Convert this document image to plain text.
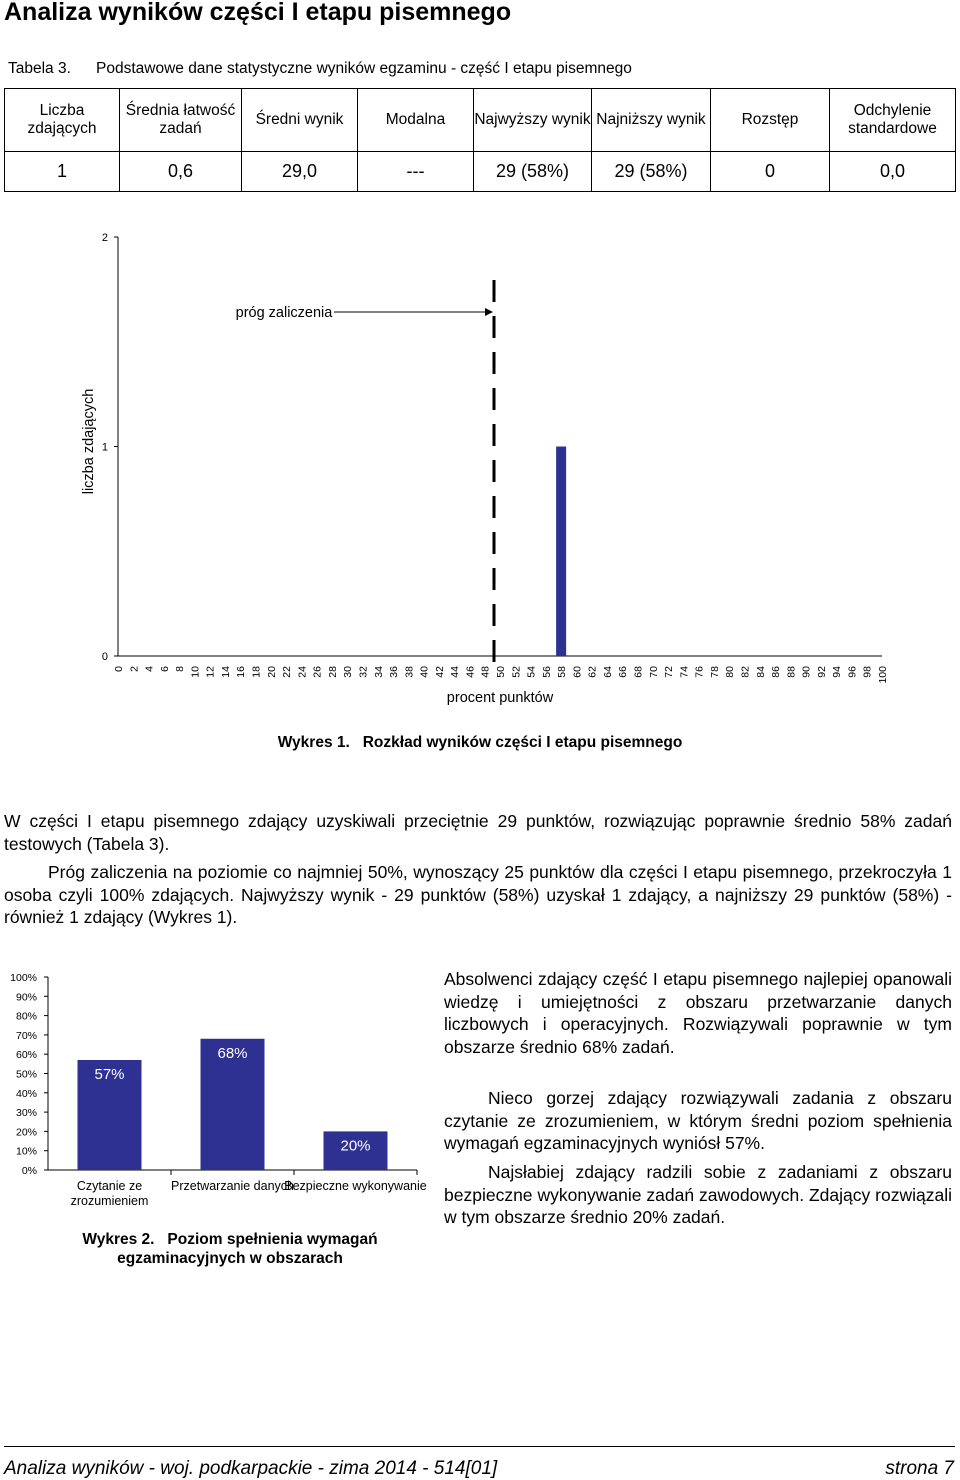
Analiza wyników części I etapu pisemnego
Tabela 3. Podstawowe dane statystyczne wyników egzaminu - część I etapu pisemnego
Liczba zdających	Średnia łatwość zadań	Średni wynik	Modalna	Najwyższy wynik	Najniższy wynik	Rozstęp	Odchylenie standardowe
1	0,6	29,0	---	29 (58%)	29 (58%)	0	0,0
0
1
2
0 2 4 6 8 10 12 14 16 18 20 22 24 26 28 30 32 34 36 38 40 42 44 46 48 50 52 54 56 58 60 62 64 66 68 70 72 74 76 78 80 82 84 86 88 90 92 94 96 98 100
procent punktów
liczba zdających
próg zaliczenia
Wykres 1. Rozkład wyników części I etapu pisemnego
W części I etapu pisemnego zdający uzyskiwali przeciętnie 29 punktów, rozwiązując poprawnie średnio 58% zadań testowych (Tabela 3).
Próg zaliczenia na poziomie co najmniej 50%, wynoszący 25 punktów dla części I etapu pisemnego, przekroczyła 1 osoba czyli 100% zdających. Najwyższy wynik - 29 punktów (58%) uzyskał 1 zdający, a najniższy 29 punktów (58%) - również 1 zdający (Wykres 1).
0%
10%
20%
30%
40%
50%
60%
70%
80%
90%
100%
57%
68%
20%
Czytanie ze zrozumieniem
Przetwarzanie danych
Bezpieczne wykonywanie
Wykres 2. Poziom spełnienia wymagań
egzaminacyjnych w obszarach
Absolwenci zdający część I etapu pisemnego najlepiej opanowali wiedzę i umiejętności z obszaru przetwarzanie danych liczbowych i operacyjnych. Rozwiązywali poprawnie w tym obszarze średnio 68% zadań.
Nieco gorzej zdający rozwiązywali zadania z obszaru czytanie ze zrozumieniem, w którym średni poziom spełnienia wymagań egzaminacyjnych wyniósł 57%.
Najsłabiej zdający radzili sobie z zadaniami z obszaru bezpieczne wykonywanie zadań zawodowych. Zdający rozwiązali w tym obszarze średnio 20% zadań.
Analiza wyników - woj. podkarpackie - zima 2014 - 514[01]	strona 7
